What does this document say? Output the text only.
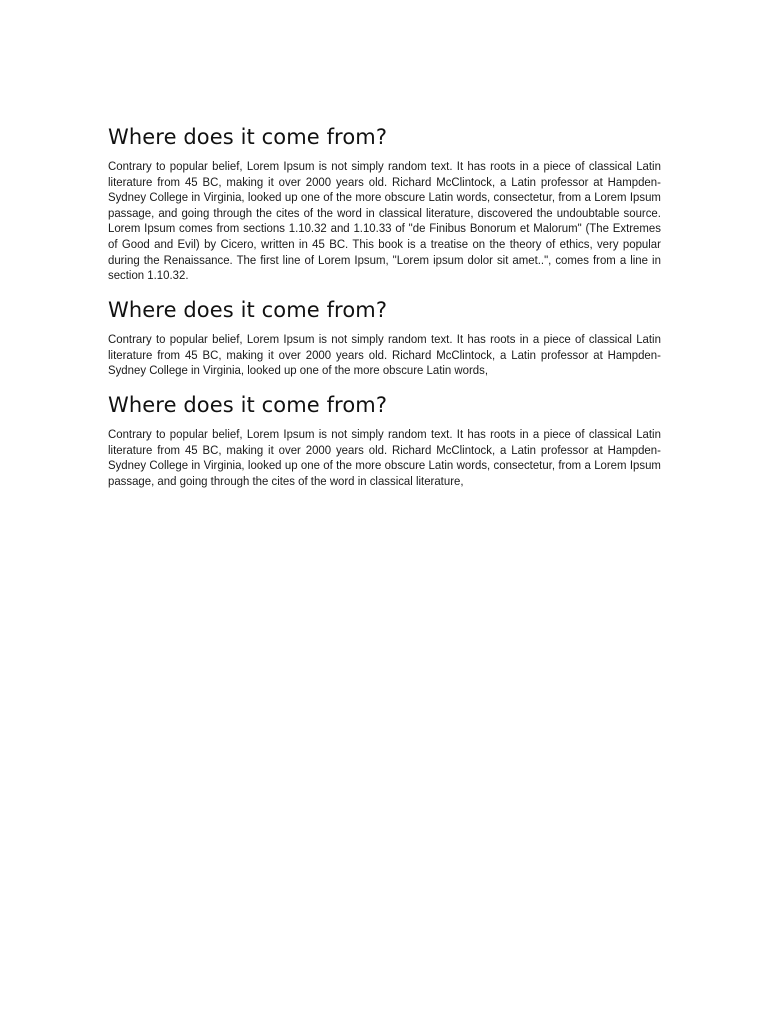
Where does it come from?

Contrary to popular belief, Lorem Ipsum is not simply random text. It has roots in a piece of classical Latin literature from 45 BC, making it over 2000 years old. Richard McClintock, a Latin professor at Hampden-Sydney College in Virginia, looked up one of the more obscure Latin words, consectetur, from a Lorem Ipsum passage, and going through the cites of the word in classical literature, discovered the undoubtable source. Lorem Ipsum comes from sections 1.10.32 and 1.10.33 of "de Finibus Bonorum et Malorum" (The Extremes of Good and Evil) by Cicero, written in 45 BC. This book is a treatise on the theory of ethics, very popular during the Renaissance. The first line of Lorem Ipsum, "Lorem ipsum dolor sit amet..", comes from a line in section 1.10.32.

Where does it come from?

Contrary to popular belief, Lorem Ipsum is not simply random text. It has roots in a piece of classical Latin literature from 45 BC, making it over 2000 years old. Richard McClintock, a Latin professor at Hampden-Sydney College in Virginia, looked up one of the more obscure Latin words,

Where does it come from?

Contrary to popular belief, Lorem Ipsum is not simply random text. It has roots in a piece of classical Latin literature from 45 BC, making it over 2000 years old. Richard McClintock, a Latin professor at Hampden-Sydney College in Virginia, looked up one of the more obscure Latin words, consectetur, from a Lorem Ipsum passage, and going through the cites of the word in classical literature,
